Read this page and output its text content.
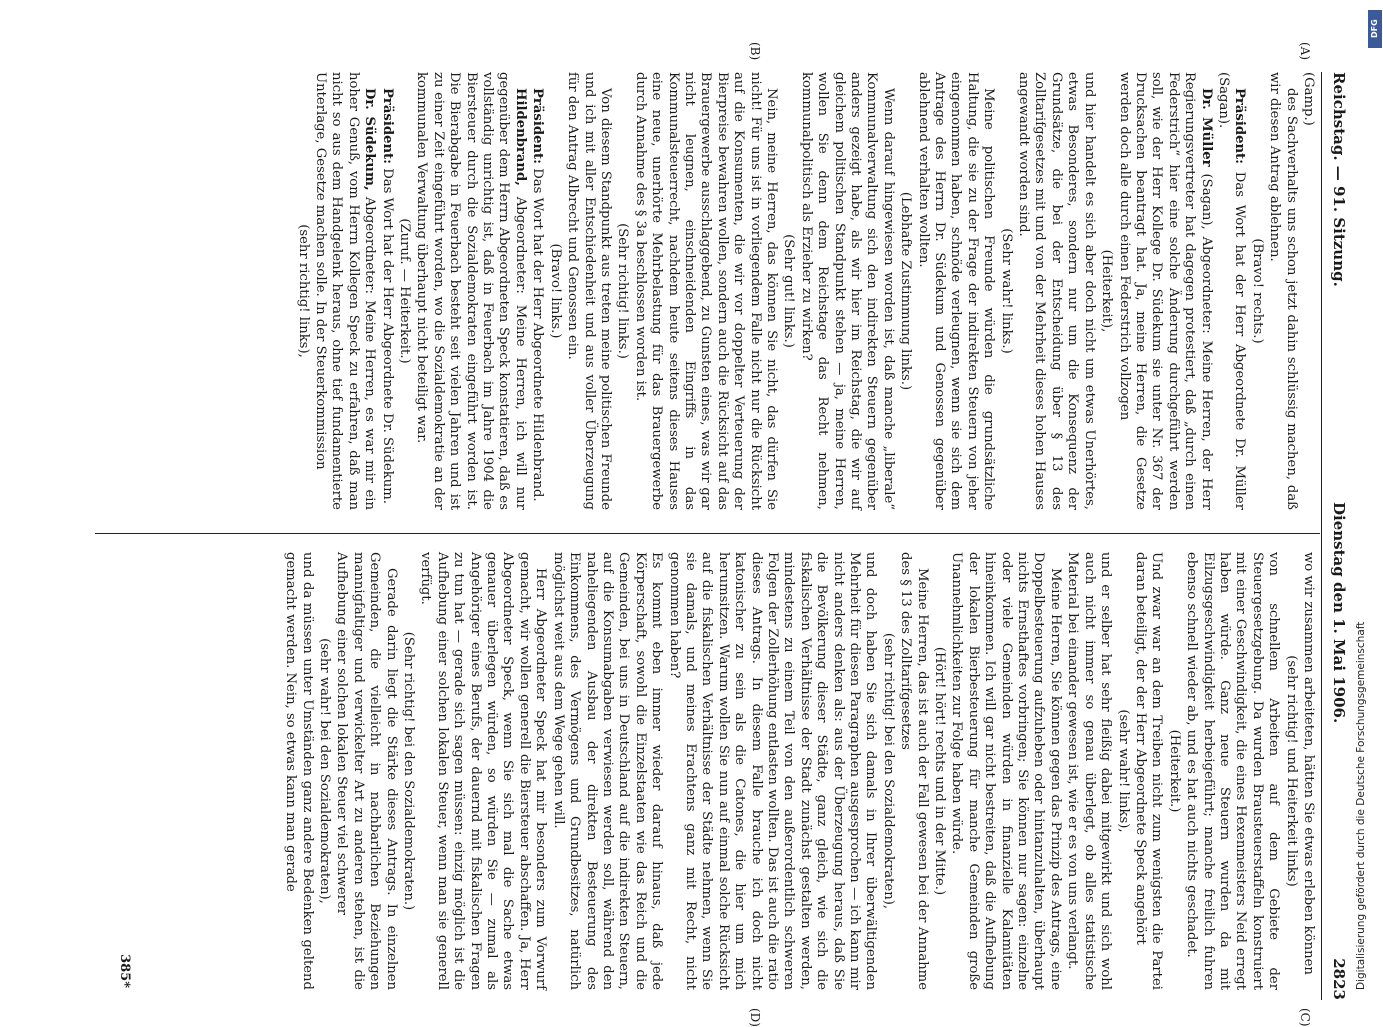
Reichstag. — 91. Sitzung.
Dienstag den 1. Mai 1906.
2823
(A)
(B)
(C)
(D)

(Gamp.)

des Sachverhalts uns schon jetzt dahin schlüssig machen, daß wir diesen Antrag ablehnen.

(Bravo! rechts.)

Präsident: Das Wort hat der Herr Abgeordnete Dr. Müller (Sagan).

Dr. Müller (Sagan), Abgeordneter: Meine Herren, der Herr Regierungsvertreter hat dagegen protestiert, daß „durch einen Federstrich“ hier eine solche Änderung durchgeführt werden soll, wie der Herr Kollege Dr. Südekum sie unter Nr. 367 der Drucksachen beantragt hat. Ja, meine Herren, die Gesetze werden doch alle durch einen Federstrich vollzogen

(Heiterkeit),

und hier handelt es sich aber doch nicht um etwas Unerhörtes, etwas Besonderes, sondern nur um die Konsequenz der Grundsätze, die bei der Entscheidung über § 13 des Zolltarifgesetzes mit und von der Mehrheit dieses hohen Hauses angewandt worden sind.

(Sehr wahr! links.)

Meine politischen Freunde würden die grundsätzliche Haltung, die sie zu der Frage der indirekten Steuern von jeher eingenommen haben, schnöde verleugnen, wenn sie sich dem Antrage des Herrn Dr. Südekum und Genossen gegenüber ablehnend verhalten wollten.

(Lebhafte Zustimmung links.)

Wenn darauf hingewiesen worden ist, daß manche „liberale“ Kommunalverwaltung sich den indirekten Steuern gegenüber anders gezeigt habe, als wir hier im Reichstag, die wir auf gleichem politischen Standpunkt stehen — ja, meine Herren, wollen Sie denn dem Reichstage das Recht nehmen, kommunalpolitisch als Erzieher zu wirken?

(Sehr gut! links.)

Nein, meine Herren, das können Sie nicht, das dürfen Sie nicht! Für uns ist in vorliegendem Falle nicht nur die Rücksicht auf die Konsumenten, die wir vor doppelter Verteuerung der Bierpreise bewahren wollen, sondern auch die Rücksicht auf das Brauergewerbe ausschlaggebend, zu Gunsten eines, was wir gar nicht leugnen, einschneidenden Eingriffs in das Kommunalsteuerrecht, nachdem heute seitens dieses Hauses eine neue, unerhörte Mehrbelastung für das Brauergewerbe durch Annahme des § 3a beschlossen worden ist.

(Sehr richtig! links.)

Von diesem Standpunkt aus treten meine politischen Freunde und ich mit aller Entschiedenheit und aus voller Überzeugung für den Antrag Albrecht und Genossen ein.

(Bravo! links.)

Präsident: Das Wort hat der Herr Abgeordnete Hildenbrand.

Hildenbrand, Abgeordneter: Meine Herren, ich will nur gegenüber dem Herrn Abgeordneten Speck konstatieren, daß es vollständig unrichtig ist, daß in Feuerbach im Jahre 1904 die Biersteuer durch die Sozialdemokraten eingeführt worden ist. Die Bierabgabe in Feuerbach besteht seit vielen Jahren und ist zu einer Zeit eingeführt worden, wo die Sozialdemokratie an der kommunalen Verwaltung überhaupt nicht beteiligt war.

(Zuruf. — Heiterkeit.)

Präsident: Das Wort hat der Herr Abgeordnete Dr. Südekum.

Dr. Südekum, Abgeordneter: Meine Herren, es war mir ein hoher Genuß, vom Herrn Kollegen Speck zu erfahren, daß man nicht so aus dem Handgelenk heraus, ohne tief fundamentierte Unterlage, Gesetze machen solle. In der Steuerkommission

(sehr richtig! links),

wo wir zusammen arbeiteten, hätten Sie etwas erleben können

(sehr richtig! und Heiterkeit links)

von schnellem Arbeiten auf dem Gebiete der Steuergesetzgebung. Da wurden Brausteuerstaffeln konstruiert mit einer Geschwindigkeit, die eines Hexenmeisters Neid erregt haben würde. Ganz neue Steuern wurden da mit Eilzugsgeschwindigkeit herbeigeführt; manche freilich fuhren ebenso schnell wieder ab, und es hat auch nichts geschadet.

(Heiterkeit.)

Und zwar war an dem Treiben nicht zum wenigsten die Partei daran beteiligt, der der Herr Abgeordnete Speck angehört

(sehr wahr! links),

und er selber hat sehr fleißig dabei mitgewirkt und sich wohl auch nicht immer so genau überlegt, ob alles statistische Material bei einander gewesen ist, wie er es von uns verlangt.

Meine Herren, Sie können gegen das Prinzip des Antrags, eine Doppelbesteuerung aufzuheben oder hintanzuhalten, überhaupt nichts Ernsthaftes vorbringen; Sie können nur sagen: einzelne oder viele Gemeinden würden in finanzielle Kalamitäten hineinkommen. Ich will gar nicht bestreiten, daß die Aufhebung der lokalen Bierbesteuerung für manche Gemeinden große Unannehmlichkeiten zur Folge haben würde.

(Hört! hört! rechts und in der Mitte.)

Meine Herren, das ist auch der Fall gewesen bei der Annahme des § 13 des Zolltarifgesetzes

(sehr richtig! bei den Sozialdemokraten),

und doch haben Sie sich damals in Ihrer überwältigenden Mehrheit für diesen Paragraphen ausgesprochen — ich kann mir nicht anders denken als: aus der Überzeugung heraus, daß Sie die Bevölkerung dieser Städte, ganz gleich, wie sich die fiskalischen Verhältnisse der Stadt zunächst gestalten werden, mindestens zu einem Teil von den außerordentlich schweren Folgen der Zollerhöhung entlasten wollten. Das ist auch die ratio dieses Antrags. In diesem Falle brauche ich doch nicht katonischer zu sein als die Catones, die hier um mich herumsitzen. Warum wollen Sie nun auf einmal solche Rücksicht auf die fiskalischen Verhältnisse der Städte nehmen, wenn Sie sie damals, und meines Erachtens ganz mit Recht, nicht genommen haben?

Es kommt eben immer wieder darauf hinaus, daß jede Körperschaft, sowohl die Einzelstaaten wie das Reich und die Gemeinden, bei uns in Deutschland auf die indirekten Steuern, auf die Konsumabgaben verwiesen werden soll, während den naheliegenden Ausbau der direkten Besteuerung des Einkommens, des Vermögens und Grundbesitzes, natürlich möglichst weit aus dem Wege gehen will.

Herr Abgeordneter Speck hat mir besonders zum Vorwurf gemacht, wir wollen generell die Biersteuer abschaffen. Ja, Herr Abgeordneter Speck, wenn Sie sich mal die Sache etwas genauer überlegen würden, so würden Sie — zumal als Angehöriger eines Berufs, der dauernd mit fiskalischen Fragen zu tun hat — gerade sich sagen müssen: einzig möglich ist die Aufhebung einer solchen lokalen Steuer, wenn man sie generell verfügt.

(Sehr richtig! bei den Sozialdemokraten.)

Gerade darin liegt die Stärke dieses Antrags. In einzelnen Gemeinden, die vielleicht in nachbarlichen Beziehungen mannigfaltiger und verwickelter Art zu anderen stehen, ist die Aufhebung einer solchen lokalen Steuer viel schwerer

(sehr wahr! bei den Sozialdemokraten),

und da müssen unter Umständen ganz andere Bedenken geltend gemacht werden. Nein, so etwas kann man gerade

385*	Digitalisierung gefördert durch die Deutsche Forschungsgemeinschaft
DFG
